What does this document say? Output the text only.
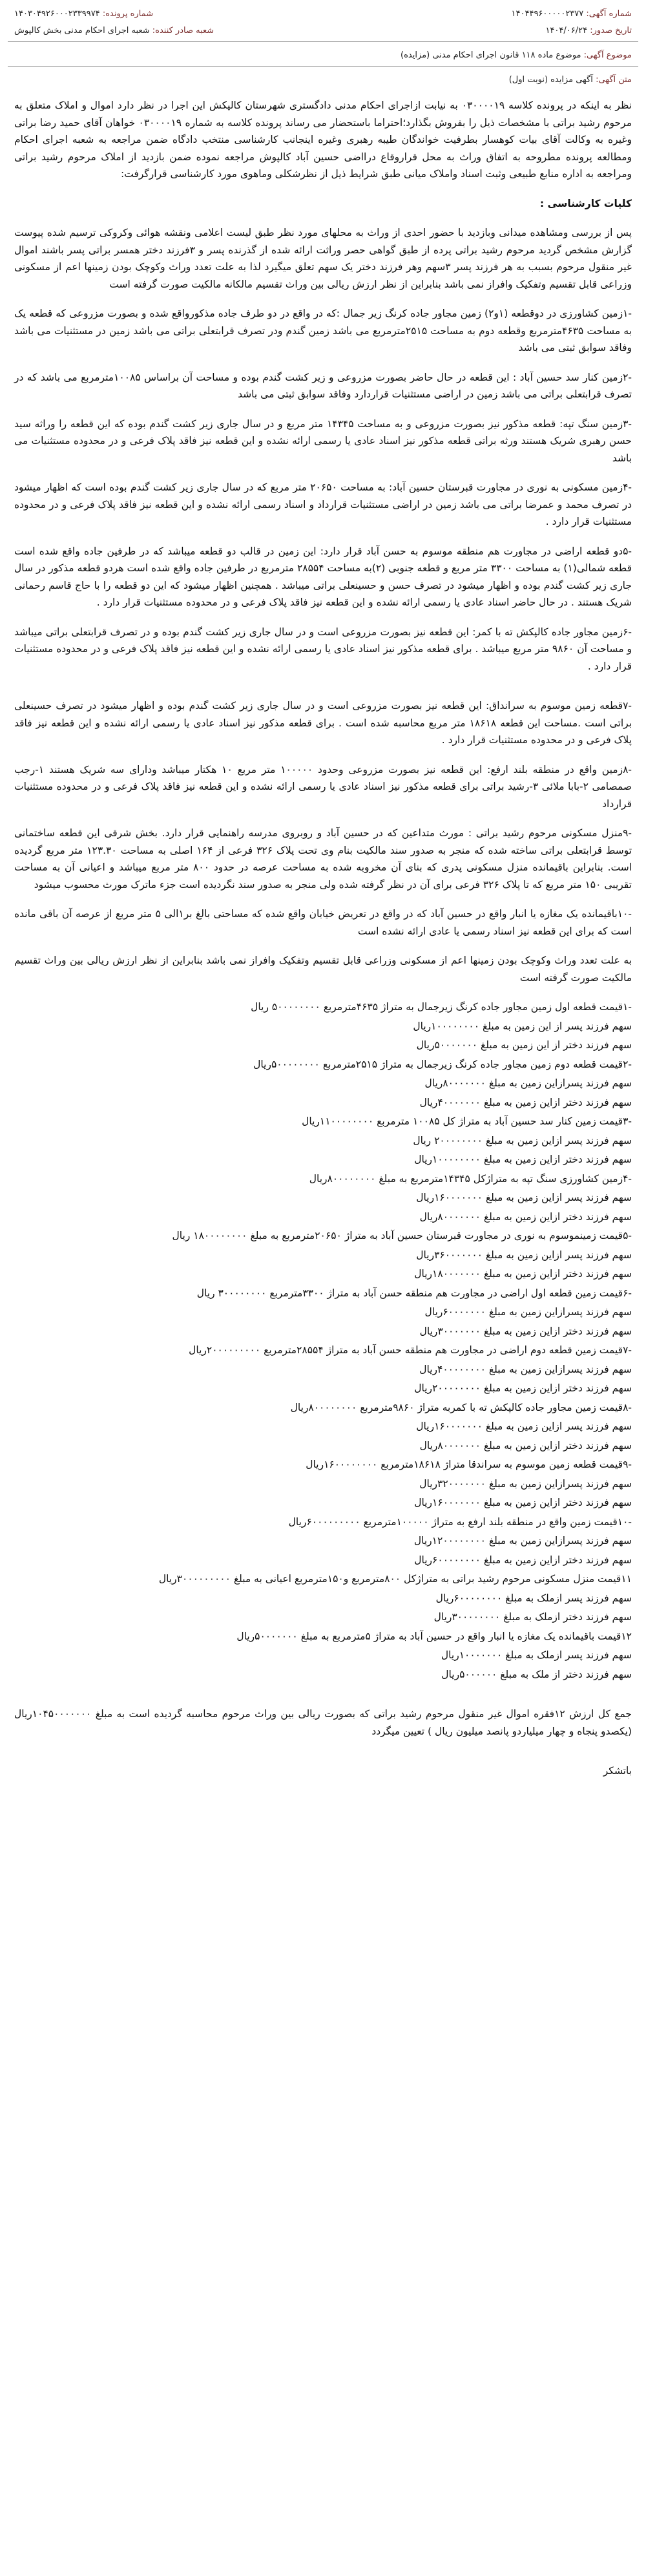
شماره آگهی: ۱۴۰۴۴۹۶۰۰۰۰۰۲۳۷۷
شماره پرونده: ۱۴۰۳۰۴۹۲۶۰۰۰۲۳۳۹۹۷۴
تاریخ صدور: ۱۴۰۴/۰۶/۲۴
شعبه صادر کننده: شعبه اجرای احکام مدنی بخش کالپوش
موضوع آگهی: موضوع ماده ۱۱۸ قانون اجرای احکام مدنی (مزایده)
متن آگهی: آگهی مزایده (نوبت اول)

نظر به اینکه در پرونده کلاسه ۰۳۰۰۰۰۱۹ به نیابت ازاجرای احکام مدنی دادگستری شهرستان کالپکش این اجرا در نظر دارد اموال و املاک متعلق به مرحوم رشید براتی با مشخصات ذیل را بفروش بگذارد؛احتراما باستحضار می رساند پرونده کلاسه به شماره ۰۳۰۰۰۰۱۹ خواهان آقای حمید رضا براتی وغیره به وکالت آقای بیات کوهسار بطرفیت خواندگان طیبه رهبری وغیره اینجانب کارشناسی منتخب دادگاه ضمن مراجعه به شعبه اجرای احکام ومطالعه پرونده مطروحه به اتفاق وراث به محل قراروقاع درااضی حسین آباد کالپوش مراجعه نموده ضمن بازدید از املاک مرحوم رشید براتی ومراجعه به اداره منابع طبیعی وثبت اسناد واملاک میانی طبق شرایط ذیل از نظرشکلی وماهوی مورد کارشناسی قرارگرفت:

کلیات کارشناسی :

پس از بررسی ومشاهده میدانی وبازدید با حضور احدی از وراث به محلهای مورد نظر طبق لیست اعلامی ونقشه هوائی وکروکی ترسیم شده پیوست گزارش مشخص گردید مرحوم رشید براتی پرده از طبق گواهی حصر وراثت ارائه شده از گذرنده پسر و ۳فرزند دختر همسر براتی پسر باشند اموال غیر منقول مرحوم بسبب به هر فرزند پسر ۳سهم وهر فرزند دختر یک سهم تعلق میگیرد لذا به علت تعدد وراث وکوچک بودن زمینها اعم از مسکونی وزراعی قابل تقسیم وتفکیک وافراز نمی باشد بنابراین از نظر ارزش ریالی بین وراث تقسیم مالکانه مالکیت صورت گرفته است

-۱زمین کشاورزی در دوقطعه (۱و۲) زمین مجاور جاده کرنگ زیر جمال :که در واقع در دو طرف جاده مذکورواقع شده و بصورت مزروعی که قطعه یک به مساحت ۴۶۳۵مترمربع وقطعه دوم به مساحت ۲۵۱۵مترمربع می باشد زمین گندم ودر تصرف قرابتعلی براتی می باشد زمین در مستثنیات می باشد وفاقد سوابق ثبتی می باشد

-۲زمین کنار سد حسین آباد : این قطعه در حال حاضر بصورت مزروعی و زیر کشت گندم بوده و مساحت آن براساس ۱۰۰۸۵مترمربع می باشد که در تصرف قرابتعلی براتی می باشد زمین در اراضی مستثنیات قراردارد وفاقد سوابق ثبتی می باشد

-۳زمین سنگ تپه: قطعه مذکور نیز بصورت مزروعی و به مساحت ۱۴۳۴۵ متر مربع و در سال جاری زیر کشت گندم بوده که این قطعه را وراثه سید حسن رهبری شریک هستند ورثه براتی قطعه مذکور نیز اسناد عادی یا رسمی ارائه نشده و این قطعه نیز فاقد پلاک فرعی و در محدوده مستثنیات می باشد

-۴زمین مسکونی به نوری در مجاورت قبرستان حسین آباد: به مساحت ۲۰۶۵۰ متر مربع که در سال جاری زیر کشت گندم بوده است که اظهار میشود در تصرف محمد و عمرضا براتی می باشد زمین در اراضی مستثنیات قرارداد و اسناد رسمی ارائه نشده و این قطعه نیز فاقد پلاک فرعی و در محدوده مستثنیات قرار دارد .

-۵دو قطعه اراضی در مجاورت هم منطقه موسوم به حسن آباد قرار دارد: این زمین در قالب دو قطعه میباشد که در طرفین جاده واقع شده است قطعه شمالی(۱) به مساحت ۳۳۰۰ متر مربع و قطعه جنوبی (۲)به مساحت ۲۸۵۵۴ مترمربع در طرفین جاده واقع شده است هردو قطعه مذکور در سال جاری زیر کشت گندم بوده و اظهار میشود در تصرف حسن و حسینعلی براتی میباشد . همچنین اظهار میشود که این دو قطعه را با حاج قاسم رحمانی شریک هستند . در حال حاضر اسناد عادی یا رسمی ارائه نشده و این قطعه نیز فاقد پلاک فرعی و در محدوده مستثنیات قرار دارد .

-۶زمین مجاور جاده کالپکش ته با کمر: این قطعه نیز بصورت مزروعی است و در سال جاری زیر کشت گندم بوده و در تصرف قرابتعلی براتی میباشد و مساحت آن ۹۸۶۰ متر مربع میباشد . برای قطعه مذکور نیز اسناد عادی یا رسمی ارائه نشده و این قطعه نیز فاقد پلاک فرعی و در محدوده مستثنیات قرار دارد .

-۷قطعه زمین موسوم به سرانداق: این قطعه نیز بصورت مزروعی است و در سال جاری زیر کشت گندم بوده و اظهار میشود در تصرف حسینعلی براتی است .مساحت این قطعه ۱۸۶۱۸ متر مربع محاسبه شده است . برای قطعه مذکور نیز اسناد عادی یا رسمی ارائه نشده و این قطعه نیز فاقد پلاک فرعی و در محدوده مستثنیات قرار دارد .

-۸زمین واقع در منطقه بلند ارفع: این قطعه نیز بصورت مزروعی وحدود ۱۰۰۰۰۰ متر مربع ۱۰ هکتار میباشد ودارای سه شریک هستند ۱-رجب صمصامی ۲-بابا ملائی ۳-رشید براتی برای قطعه مذکور نیز اسناد عادی یا رسمی ارائه نشده و این قطعه نیز فاقد پلاک فرعی و در محدوده مستثنیات قرارداد

-۹منزل مسکونی مرحوم رشید براتی : مورث متداعین که در حسین آباد و روبروی مدرسه راهنمایی قرار دارد. بخش شرقی این قطعه ساختمانی توسط قرابتعلی براتی ساخته شده که منجر به صدور سند مالکیت بنام وی تحت پلاک ۳۲۶ فرعی از ۱۶۴ اصلی به مساحت ۱۲۳.۳۰ متر مربع گردیده است. بنابراین باقیمانده منزل مسکونی پدری که بنای آن مخروبه شده به مساحت عرصه در حدود ۸۰۰ متر مربع میباشد و اعیانی آن به مساحت تقریبی ۱۵۰ متر مربع که تا پلاک ۳۲۶ فرعی برای آن در نظر گرفته شده ولی منجر به صدور سند نگردیده است جزء ماترک مورث محسوب میشود

-۱۰باقیمانده یک مغازه یا انبار واقع در حسین آباد که در واقع در تعریض خیابان واقع شده که مساحتی بالغ بر۱الی ۵ متر مربع از عرصه آن باقی مانده است که برای این قطعه نیز اسناد رسمی یا عادی ارائه نشده است

به علت تعدد وراث وکوچک بودن زمینها اعم از مسکونی وزراعی قابل تقسیم وتفکیک وافراز نمی باشد بنابراین از نظر ارزش ریالی بین وراث تقسیم مالکیت صورت گرفته است

-۱قیمت قطعه اول زمین مجاور جاده کرنگ زیرجمال به متراژ ۴۶۳۵مترمربع ۵۰۰۰۰۰۰۰۰ ریال

سهم فرزند پسر از این زمین به مبلغ ۱۰۰۰۰۰۰۰۰ریال

سهم فرزند دختر از این زمین به مبلغ ۵۰۰۰۰۰۰۰ریال

-۲قیمت قطعه دوم زمین مجاور جاده کرنگ زیرجمال به متراژ ۲۵۱۵مترمربع ۵۰۰۰۰۰۰۰۰ریال

سهم فرزند پسرازاین زمین به مبلغ ۸۰۰۰۰۰۰۰ریال

سهم فرزند دختر ازاین زمین به مبلغ ۴۰۰۰۰۰۰۰ریال

-۳قیمت زمین کنار سد حسین آباد به متراژ کل ۱۰۰۸۵ مترمربع ۱۱۰۰۰۰۰۰۰۰ریال

سهم فرزند پسر ازاین زمین به مبلغ ۲۰۰۰۰۰۰۰۰ ریال

سهم فرزند دختر ازاین زمین به مبلغ ۱۰۰۰۰۰۰۰۰ریال

-۴زمین کشاورزی سنگ تپه به متراژکل ۱۴۳۴۵مترمربع به مبلغ ۸۰۰۰۰۰۰۰۰ریال

سهم فرزند پسر ازاین زمین به مبلغ ۱۶۰۰۰۰۰۰۰ریال

سهم فرزند دختر ازاین زمین به مبلغ ۸۰۰۰۰۰۰۰ریال

-۵قیمت زمینموسوم به نوری در مجاورت قبرستان حسین آباد به متراژ ۲۰۶۵۰مترمربع به مبلغ ۱۸۰۰۰۰۰۰۰۰ ریال

سهم فرزند پسر ازاین زمین به مبلغ ۳۶۰۰۰۰۰۰۰ریال

سهم فرزند دختر ازاین زمین به مبلغ ۱۸۰۰۰۰۰۰۰ریال

-۶قیمت زمین قطعه اول اراضی در مجاورت هم منطقه حسن آباد به متراژ ۳۳۰۰مترمربع ۳۰۰۰۰۰۰۰۰ ریال

سهم فرزند پسرازاین زمین به مبلغ ۶۰۰۰۰۰۰۰ریال

سهم فرزند دختر ازاین زمین به مبلغ ۳۰۰۰۰۰۰۰ریال

-۷قیمت زمین قطعه دوم اراضی در مجاورت هم منطقه حسن آباد به متراژ ۲۸۵۵۴مترمربع ۲۰۰۰۰۰۰۰۰۰ریال

سهم فرزند پسرازاین زمین به مبلغ ۴۰۰۰۰۰۰۰۰ریال

سهم فرزند دختر ازاین زمین به مبلغ ۲۰۰۰۰۰۰۰۰ریال

-۸قیمت زمین مجاور جاده کالپکش ته با کمربه متراژ ۹۸۶۰مترمربع ۸۰۰۰۰۰۰۰۰ریال

سهم فرزند پسر ازاین زمین به مبلغ ۱۶۰۰۰۰۰۰۰ریال

سهم فرزند دختر ازاین زمین به مبلغ ۸۰۰۰۰۰۰۰ریال

-۹قیمت قطعه زمین موسوم به سراندقا متراژ ۱۸۶۱۸مترمربع ۱۶۰۰۰۰۰۰۰۰ریال

سهم فرزند پسرازاین زمین به مبلغ ۳۲۰۰۰۰۰۰۰ریال

سهم فرزند دختر ازاین زمین به مبلغ ۱۶۰۰۰۰۰۰۰ریال

-۱۰قیمت زمین واقع در منطقه بلند ارفع به متراژ ۱۰۰۰۰۰مترمربع ۶۰۰۰۰۰۰۰۰۰ریال

سهم فرزند پسرازاین زمین به مبلغ ۱۲۰۰۰۰۰۰۰۰ریال

سهم فرزند دختر ازاین زمین به مبلغ ۶۰۰۰۰۰۰۰۰ریال

۱۱قیمت منزل مسکونی مرحوم رشید براتی به متراژکل ۸۰۰مترمربع و۱۵۰مترمربع اعیانی به مبلغ ۳۰۰۰۰۰۰۰۰۰ریال

سهم فرزند پسر ازملک به مبلغ ۶۰۰۰۰۰۰۰۰ریال

سهم فرزند دختر ازملک به مبلغ ۳۰۰۰۰۰۰۰۰ریال

۱۲قیمت باقیمانده یک مغازه یا انبار واقع در حسین آباد به متراژ ۵مترمربع به مبلغ ۵۰۰۰۰۰۰۰ریال

سهم فرزند پسر ازملک به مبلغ ۱۰۰۰۰۰۰۰ریال

سهم فرزند دختر از ملک به مبلغ ۵۰۰۰۰۰۰ریال

جمع کل ارزش ۱۲فقره اموال غیر منقول مرحوم رشید براتی که بصورت ریالی بین وراث مرحوم محاسبه گردیده است به مبلغ ۱۰۴۵۰۰۰۰۰۰۰ریال (یکصدو پنجاه و چهار میلیاردو پانصد میلیون ریال ) تعیین میگردد

باتشکر
